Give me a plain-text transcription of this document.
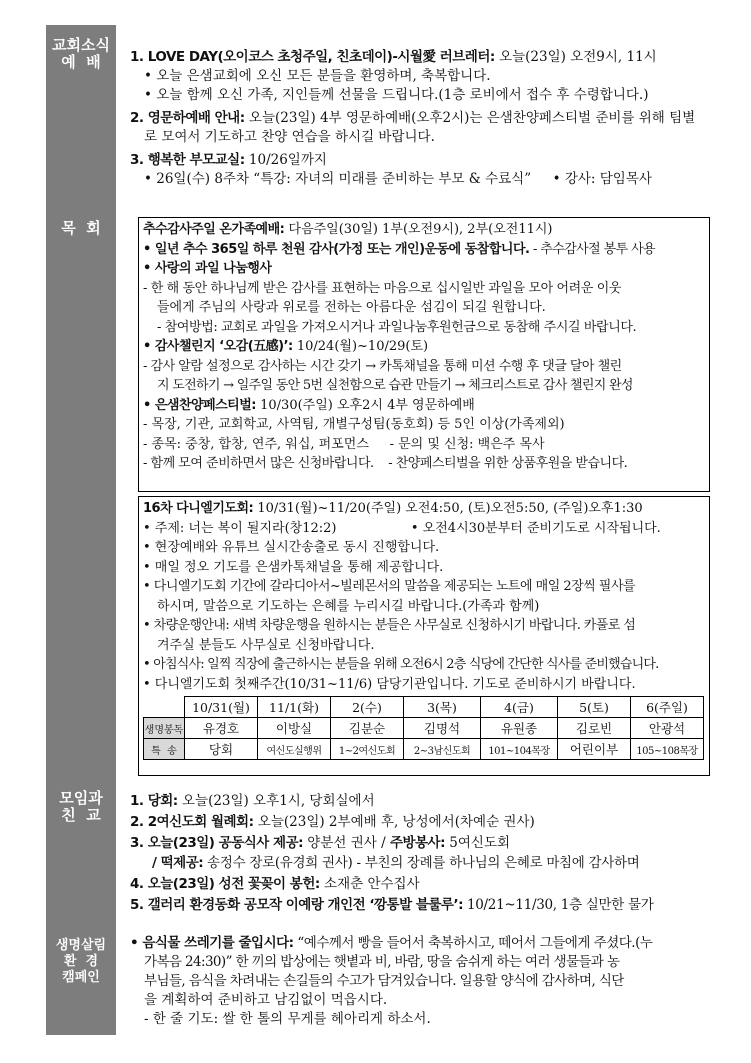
교회소식
예  배
목  회
모임과
친  교
생명살림
환  경
캠페인
1. LOVE DAY(오이코스 초청주일, 친초데이)-시월愛 러브레터: 오늘(23일) 오전9시, 11시
• 오늘 은샘교회에 오신 모든 분들을 환영하며, 축복합니다.
• 오늘 함께 오신 가족, 지인들께 선물을 드립니다.(1층 로비에서 접수 후 수령합니다.)
2. 영문하예배 안내: 오늘(23일) 4부 영문하예배(오후2시)는 은샘찬양페스티벌 준비를 위해 팀별
로 모여서 기도하고 찬양 연습을 하시길 바랍니다.
3. 행복한 부모교실: 10/26일까지
• 26일(수) 8주차 “특강: 자녀의 미래를 준비하는 부모 & 수료식”     • 강사: 담임목사
추수감사주일 온가족예배: 다음주일(30일) 1부(오전9시), 2부(오전11시)
• 일년 추수 365일 하루 천원 감사(가정 또는 개인)운동에 동참합니다. - 추수감사절 봉투 사용
• 사랑의 과일 나눔행사
- 한 해 동안 하나님께 받은 감사를 표현하는 마음으로 십시일반 과일을 모아 어려운 이웃
들에게 주님의 사랑과 위로를 전하는 아름다운 섬김이 되길 원합니다.
- 참여방법: 교회로 과일을 가져오시거나 과일나눔후원헌금으로 동참해 주시길 바랍니다.
• 감사챌린지 ‘오감(五感)’: 10/24(월)~10/29(토)
- 감사 알람 설정으로 감사하는 시간 갖기 → 카톡채널을 통해 미션 수행 후 댓글 달아 챌린
지 도전하기 → 일주일 동안 5번 실천함으로 습관 만들기 → 체크리스트로 감사 챌린지 완성
• 은샘찬양페스티벌: 10/30(주일) 오후2시 4부 영문하예배
- 목장, 기관, 교회학교, 사역팀, 개별구성팀(동호회) 등 5인 이상(가족제외)
- 종목: 중창, 합창, 연주, 워십, 퍼포먼스     - 문의 및 신청: 백은주 목사
- 함께 모여 준비하면서 많은 신청바랍니다.    - 찬양페스티벌을 위한 상품후원을 받습니다.
16차 다니엘기도회: 10/31(월)~11/20(주일) 오전4:50, (토)오전5:50, (주일)오후1:30
• 주제: 너는 복이 될지라(창12:2)                  • 오전4시30분부터 준비기도로 시작됩니다.
• 현장예배와 유튜브 실시간송출로 동시 진행합니다.
• 매일 정오 기도를 은샘카톡채널을 통해 제공합니다.
• 다니엘기도회 기간에 갈라디아서~빌레몬서의 말씀을 제공되는 노트에 매일 2장씩 필사를
하시며, 말씀으로 기도하는 은혜를 누리시길 바랍니다.(가족과 함께)
• 차량운행안내: 새벽 차량운행을 원하시는 분들은 사무실로 신청하시기 바랍니다. 카풀로 섬
겨주실 분들도 사무실로 신청바랍니다.
• 아침식사: 일찍 직장에 출근하시는 분들을 위해 오전6시 2층 식당에 간단한 식사를 준비했습니다.
• 다니엘기도회 첫째주간(10/31~11/6) 담당기관입니다. 기도로 준비하시기 바랍니다.
	10/31(월)	11/1(화)	2(수)	3(목)	4(금)	5(토)	6(주일)
생명봉독	유경호	이방실	김분순	김명석	유원종	김로빈	안광석
특  송	당회	여신도실행위	1~2여신도회	2~3남신도회	101~104목장	어린이부	105~108목장
1. 당회: 오늘(23일) 오후1시, 당회실에서
2. 2여신도회 월례회: 오늘(23일) 2부예배 후, 낭성에서(차예순 권사)
3. 오늘(23일) 공동식사 제공: 양분선 권사 / 주방봉사: 5여신도회
/ 떡제공: 송정수 장로(유경희 권사) - 부친의 장례를 하나님의 은혜로 마침에 감사하며
4. 오늘(23일) 성전 꽃꽂이 봉헌: 소재춘 안수집사
5. 갤러리 환경동화 공모작 이예랑 개인전 ‘깡통발 블룰루’: 10/21~11/30, 1층 실만한 물가
• 음식물 쓰레기를 줄입시다: “예수께서 빵을 들어서 축복하시고, 떼어서 그들에게 주셨다.(누
가복음 24:30)” 한 끼의 밥상에는 햇볕과 비, 바람, 땅을 숨쉬게 하는 여러 생물들과 농
부님들, 음식을 차려내는 손길들의 수고가 담겨있습니다. 일용할 양식에 감사하며, 식단
을 계획하여 준비하고 남김없이 먹읍시다.
- 한 줄 기도: 쌀 한 톨의 무게를 헤아리게 하소서.
